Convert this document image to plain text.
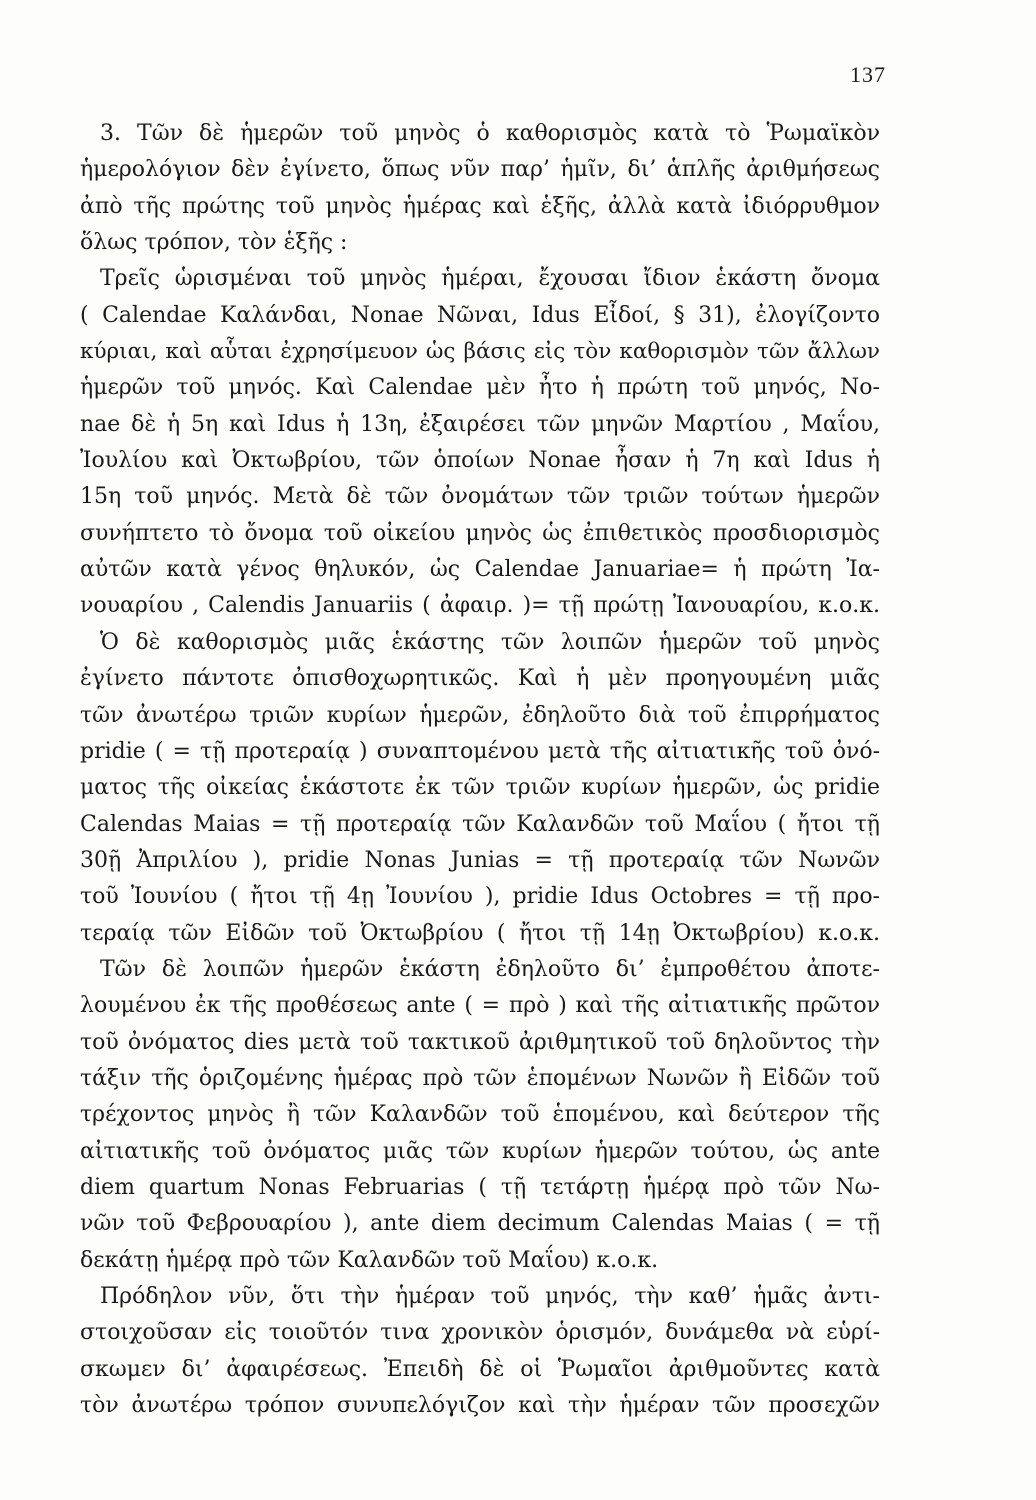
137
3. Τῶν δὲ ἡμερῶν τοῦ μηνὸς ὁ καθορισμὸς κατὰ τὸ Ῥωμαϊκὸν
ἡμερολόγιον δὲν ἐγίνετο, ὅπως νῦν παρ’ ἡμῖν, δι’ ἁπλῆς ἀριθμήσεως
ἀπὸ τῆς πρώτης τοῦ μηνὸς ἡμέρας καὶ ἑξῆς, ἀλλὰ κατὰ ἰδιόρρυθμον
ὅλως τρόπον, τὸν ἑξῆς :
Τρεῖς ὡρισμέναι τοῦ μηνὸς ἡμέραι, ἔχουσαι ἴδιον ἑκάστη ὄνομα
( Calendae Καλάνδαι, Nonae Νῶναι, Idus Εἶδοί, § 31), ἐλογίζοντο
κύριαι, καὶ αὗται ἐχρησίμευον ὡς βάσις εἰς τὸν καθορισμὸν τῶν ἄλλων
ἡμερῶν τοῦ μηνός. Καὶ Calendae μὲν ἦτο ἡ πρώτη τοῦ μηνός, No-
nae δὲ ἡ 5η καὶ Idus ἡ 13η, ἐξαιρέσει τῶν μηνῶν Μαρτίου , Μαΐου,
Ἰουλίου καὶ Ὀκτωβρίου, τῶν ὁποίων Nonae ἦσαν ἡ 7η καὶ Idus ἡ
15η τοῦ μηνός. Μετὰ δὲ τῶν ὀνομάτων τῶν τριῶν τούτων ἡμερῶν
συνήπτετο τὸ ὄνομα τοῦ οἰκείου μηνὸς ὡς ἐπιθετικὸς προσδιορισμὸς
αὐτῶν κατὰ γένος θηλυκόν, ὡς Calendae Januariae= ἡ πρώτη Ἰα-
νουαρίου , Calendis Januariis ( ἀφαιρ. )= τῇ πρώτῃ Ἰανουαρίου, κ.ο.κ.
Ὁ δὲ καθορισμὸς μιᾶς ἑκάστης τῶν λοιπῶν ἡμερῶν τοῦ μηνὸς
ἐγίνετο πάντοτε ὀπισθοχωρητικῶς. Καὶ ἡ μὲν προηγουμένη μιᾶς
τῶν ἀνωτέρω τριῶν κυρίων ἡμερῶν, ἐδηλοῦτο διὰ τοῦ ἐπιρρήματος
pridie ( = τῇ προτεραίᾳ ) συναπτομένου μετὰ τῆς αἰτιατικῆς τοῦ ὀνό-
ματος τῆς οἰκείας ἑκάστοτε ἐκ τῶν τριῶν κυρίων ἡμερῶν, ὡς pridie
Calendas Maias = τῇ προτεραίᾳ τῶν Καλανδῶν τοῦ Μαΐου ( ἤτοι τῇ
30ῇ Ἀπριλίου ), pridie Nonas Junias = τῇ προτεραίᾳ τῶν Νωνῶν
τοῦ Ἰουνίου ( ἤτοι τῇ 4ῃ Ἰουνίου ), pridie Idus Octobres = τῇ προ-
τεραίᾳ τῶν Εἰδῶν τοῦ Ὀκτωβρίου ( ἤτοι τῇ 14ῃ Ὀκτωβρίου) κ.ο.κ.
Τῶν δὲ λοιπῶν ἡμερῶν ἑκάστη ἐδηλοῦτο δι’ ἐμπροθέτου ἀποτε-
λουμένου ἐκ τῆς προθέσεως ante ( = πρὸ ) καὶ τῆς αἰτιατικῆς πρῶτον
τοῦ ὀνόματος dies μετὰ τοῦ τακτικοῦ ἀριθμητικοῦ τοῦ δηλοῦντος τὴν
τάξιν τῆς ὁριζομένης ἡμέρας πρὸ τῶν ἑπομένων Νωνῶν ἢ Εἰδῶν τοῦ
τρέχοντος μηνὸς ἢ τῶν Καλανδῶν τοῦ ἑπομένου, καὶ δεύτερον τῆς
αἰτιατικῆς τοῦ ὀνόματος μιᾶς τῶν κυρίων ἡμερῶν τούτου, ὡς ante
diem quartum Nonas Februarias ( τῇ τετάρτῃ ἡμέρᾳ πρὸ τῶν Νω-
νῶν τοῦ Φεβρουαρίου ), ante diem decimum Calendas Maias ( = τῇ
δεκάτῃ ἡμέρᾳ πρὸ τῶν Καλανδῶν τοῦ Μαΐου) κ.ο.κ.
Πρόδηλον νῦν, ὅτι τὴν ἡμέραν τοῦ μηνός, τὴν καθ’ ἡμᾶς ἀντι-
στοιχοῦσαν εἰς τοιοῦτόν τινα χρονικὸν ὁρισμόν, δυνάμεθα νὰ εὑρί-
σκωμεν δι’ ἀφαιρέσεως. Ἐπειδὴ δὲ οἱ Ῥωμαῖοι ἀριθμοῦντες κατὰ
τὸν ἀνωτέρω τρόπον συνυπελόγιζον καὶ τὴν ἡμέραν τῶν προσεχῶν
